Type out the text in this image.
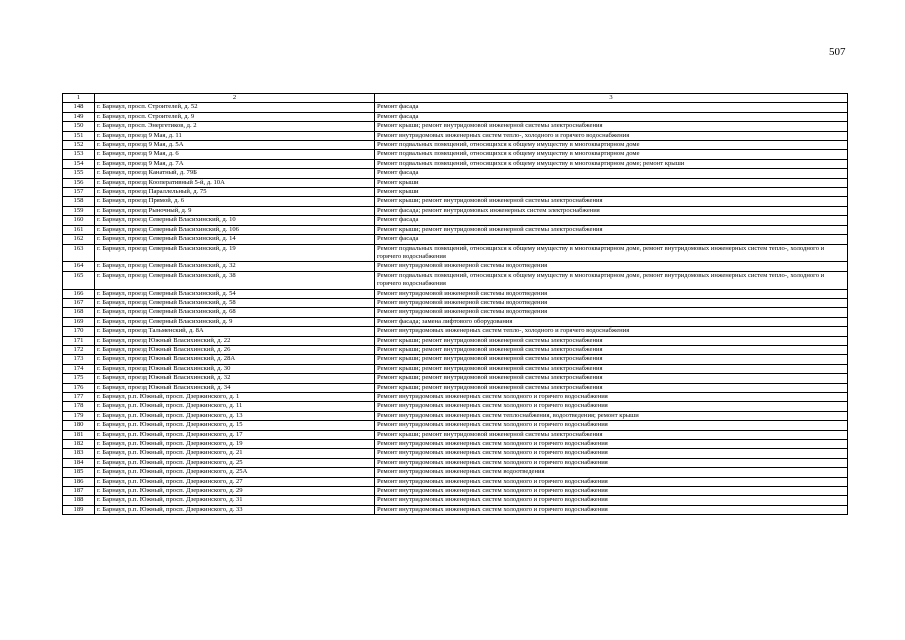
507
1	2	3
148	г. Барнаул, просп. Строителей, д. 52	Ремонт фасада
149	г. Барнаул, просп. Строителей, д. 9	Ремонт фасада
150	г. Барнаул, просп. Энергетиков, д. 2	Ремонт крыши; ремонт внутридомовой инженерной системы электроснабжения
151	г. Барнаул, проезд 9 Мая, д. 11	Ремонт внутридомовых инженерных систем тепло-, холодного и горячего водоснабжения
152	г. Барнаул, проезд 9 Мая, д. 5А	Ремонт подвальных помещений, относящихся к общему имуществу в многоквартирном доме
153	г. Барнаул, проезд 9 Мая, д. 6	Ремонт подвальных помещений, относящихся к общему имуществу в многоквартирном доме
154	г. Барнаул, проезд 9 Мая, д. 7А	Ремонт подвальных помещений, относящихся к общему имуществу в многоквартирном доме; ремонт крыши
155	г. Барнаул, проезд Канатный, д. 79Б	Ремонт фасада
156	г. Барнаул, проезд Кооперативный 5-й, д. 10А	Ремонт крыши
157	г. Барнаул, проезд Параллельный, д. 75	Ремонт крыши
158	г. Барнаул, проезд Прямой, д. 6	Ремонт крыши; ремонт внутридомовой инженерной системы электроснабжения
159	г. Барнаул, проезд Рыночный, д. 9	Ремонт фасада; ремонт внутридомовых инженерных систем электроснабжения
160	г. Барнаул, проезд Северный Власихинский, д. 10	Ремонт фасада
161	г. Барнаул, проезд Северный Власихинский, д. 106	Ремонт крыши; ремонт внутридомовой инженерной системы электроснабжения
162	г. Барнаул, проезд Северный Власихинский, д. 14	Ремонт фасада
163	г. Барнаул, проезд Северный Власихинский, д. 19	Ремонт подвальных помещений, относящихся к общему имуществу в многоквартирном доме, ремонт внутридомовых инженерных систем тепло-, холодного и горячего водоснабжения
164	г. Барнаул, проезд Северный Власихинский, д. 32	Ремонт внутридомовой инженерной системы водоотведения
165	г. Барнаул, проезд Северный Власихинский, д. 38	Ремонт подвальных помещений, относящихся к общему имуществу в многоквартирном доме, ремонт внутридомовых инженерных систем тепло-, холодного и горячего водоснабжения
166	г. Барнаул, проезд Северный Власихинский, д. 54	Ремонт внутридомовой инженерной системы водоотведения
167	г. Барнаул, проезд Северный Власихинский, д. 58	Ремонт внутридомовой инженерной системы водоотведения
168	г. Барнаул, проезд Северный Власихинский, д. 68	Ремонт внутридомовой инженерной системы водоотведения
169	г. Барнаул, проезд Северный Власихинский, д. 9	Ремонт фасада; замена лифтового оборудования
170	г. Барнаул, проезд Тальменский, д. 8А	Ремонт внутридомовых инженерных систем тепло-, холодного и горячего водоснабжения
171	г. Барнаул, проезд Южный Власихинский, д. 22	Ремонт крыши; ремонт внутридомовой инженерной системы электроснабжения
172	г. Барнаул, проезд Южный Власихинский, д. 26	Ремонт крыши; ремонт внутридомовой инженерной системы электроснабжения
173	г. Барнаул, проезд Южный Власихинский, д. 28А	Ремонт крыши; ремонт внутридомовой инженерной системы электроснабжения
174	г. Барнаул, проезд Южный Власихинский, д. 30	Ремонт крыши; ремонт внутридомовой инженерной системы электроснабжения
175	г. Барнаул, проезд Южный Власихинский, д. 32	Ремонт крыши; ремонт внутридомовой инженерной системы электроснабжения
176	г. Барнаул, проезд Южный Власихинский, д. 34	Ремонт крыши; ремонт внутридомовой инженерной системы электроснабжения
177	г. Барнаул, р.п. Южный, просп. Дзержинского, д. 1	Ремонт внутридомовых инженерных систем холодного и горячего водоснабжения
178	г. Барнаул, р.п. Южный, просп. Дзержинского, д. 11	Ремонт внутридомовых инженерных систем холодного и горячего водоснабжения
179	г. Барнаул, р.п. Южный, просп. Дзержинского, д. 13	Ремонт внутридомовых инженерных систем теплоснабжения, водоотведения; ремонт крыши
180	г. Барнаул, р.п. Южный, просп. Дзержинского, д. 15	Ремонт внутридомовых инженерных систем холодного и горячего водоснабжения
181	г. Барнаул, р.п. Южный, просп. Дзержинского, д. 17	Ремонт крыши; ремонт внутридомовой инженерной системы электроснабжения
182	г. Барнаул, р.п. Южный, просп. Дзержинского, д. 19	Ремонт внутридомовых инженерных систем холодного и горячего водоснабжения
183	г. Барнаул, р.п. Южный, просп. Дзержинского, д. 21	Ремонт внутридомовых инженерных систем холодного и горячего водоснабжения
184	г. Барнаул, р.п. Южный, просп. Дзержинского, д. 25	Ремонт внутридомовых инженерных систем холодного и горячего водоснабжения
185	г. Барнаул, р.п. Южный, просп. Дзержинского, д. 25А	Ремонт внутридомовых инженерных систем водоотведения
186	г. Барнаул, р.п. Южный, просп. Дзержинского, д. 27	Ремонт внутридомовых инженерных систем холодного и горячего водоснабжения
187	г. Барнаул, р.п. Южный, просп. Дзержинского, д. 29	Ремонт внутридомовых инженерных систем холодного и горячего водоснабжения
188	г. Барнаул, р.п. Южный, просп. Дзержинского, д. 31	Ремонт внутридомовых инженерных систем холодного и горячего водоснабжения
189	г. Барнаул, р.п. Южный, просп. Дзержинского, д. 33	Ремонт внутридомовых инженерных систем холодного и горячего водоснабжения
